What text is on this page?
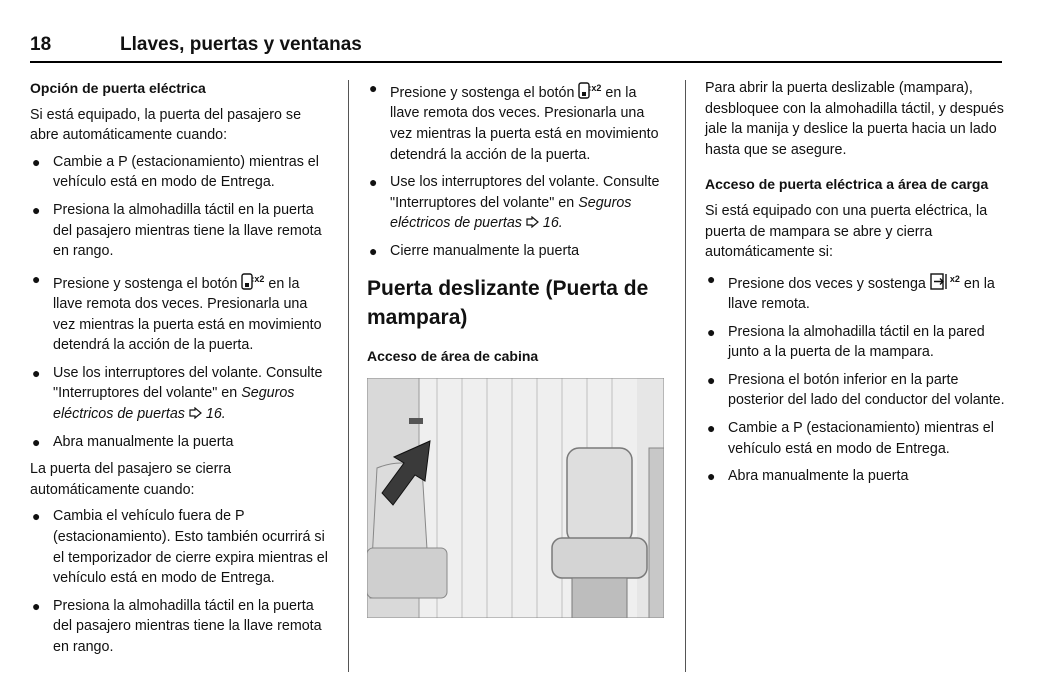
18	Llaves, puertas y ventanas
Opción de puerta eléctrica

Si está equipado, la puerta del pasajero se abre automáticamente cuando:

● Cambie a P (estacionamiento) mientras el vehículo está en modo de Entrega.
● Presiona la almohadilla táctil en la puerta del pasajero mientras tiene la llave remota en rango.
● Presione y sostenga el botón $^{x2}$ en la llave remota dos veces. Presionarla una vez mientras la puerta está en movimiento detendrá la acción de la puerta.
● Use los interruptores del volante. Consulte "Interruptores del volante" en Seguros eléctricos de puertas 16.
● Abra manualmente la puerta

La puerta del pasajero se cierra automáticamente cuando:

● Cambia el vehículo fuera de P (estacionamiento). Esto también ocurrirá si el temporizador de cierre expira mientras el vehículo está en modo de Entrega.
● Presiona la almohadilla táctil en la puerta del pasajero mientras tiene la llave remota en rango.
● Presione y sostenga el botón $^{x2}$ en la llave remota dos veces. Presionarla una vez mientras la puerta está en movimiento detendrá la acción de la puerta.
● Use los interruptores del volante. Consulte "Interruptores del volante" en Seguros eléctricos de puertas 16.
● Cierre manualmente la puerta
Puerta deslizante (Puerta de mampara)
Acceso de área de cabina

Para abrir la puerta deslizable (mampara), desbloquee con la almohadilla táctil, y después jale la manija y deslice la puerta hacia un lado hasta que se asegure.

Acceso de puerta eléctrica a área de carga

Si está equipado con una puerta eléctrica, la puerta de mampara se abre y cierra automáticamente si:

● Presione dos veces y sostenga	$^{x2}$ en la llave remota.
● Presiona la almohadilla táctil en la pared junto a la puerta de la mampara.
● Presiona el botón inferior en la parte posterior del lado del conductor del volante.
● Cambie a P (estacionamiento) mientras el vehículo está en modo de Entrega.
● Abra manualmente la puerta
